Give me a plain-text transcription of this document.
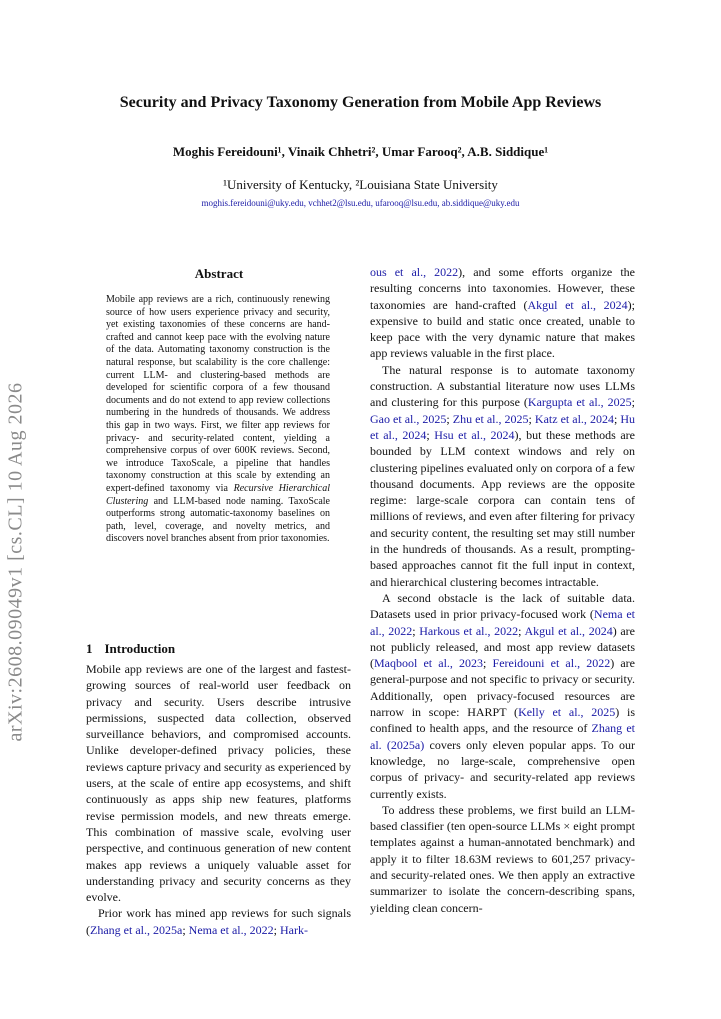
Security and Privacy Taxonomy Generation from Mobile App Reviews
Moghis Fereidouni¹, Vinaik Chhetri², Umar Farooq², A.B. Siddique¹
¹University of Kentucky, ²Louisiana State University
moghis.fereidouni@uky.edu, vchhet2@lsu.edu, ufarooq@lsu.edu, ab.siddique@uky.edu
arXiv:2608.09049v1 [cs.CL] 10 Aug 2026
Abstract
Mobile app reviews are a rich, continuously renewing source of how users experience privacy and security, yet existing taxonomies of these concerns are hand-crafted and cannot keep pace with the evolving nature of the data. Automating taxonomy construction is the natural response, but scalability is the core challenge: current LLM- and clustering-based methods are developed for scientific corpora of a few thousand documents and do not extend to app review collections numbering in the hundreds of thousands. We address this gap in two ways. First, we filter app reviews for privacy- and security-related content, yielding a comprehensive corpus of over 600K reviews. Second, we introduce TaxoScale, a pipeline that handles taxonomy construction at this scale by extending an expert-defined taxonomy via Recursive Hierarchical Clustering and LLM-based node naming. TaxoScale outperforms strong automatic-taxonomy baselines on path, level, coverage, and novelty metrics, and discovers novel branches absent from prior taxonomies.
1 Introduction

Mobile app reviews are one of the largest and fastest-growing sources of real-world user feedback on privacy and security. Users describe intrusive permissions, suspected data collection, observed surveillance behaviors, and compromised accounts. Unlike developer-defined privacy policies, these reviews capture privacy and security as experienced by users, at the scale of entire app ecosystems, and shift continuously as apps ship new features, platforms revise permission models, and new threats emerge. This combination of massive scale, evolving user perspective, and continuous generation of new content makes app reviews a uniquely valuable asset for understanding privacy and security concerns as they evolve.

Prior work has mined app reviews for such signals (Zhang et al., 2025a; Nema et al., 2022; Hark-

ous et al., 2022), and some efforts organize the resulting concerns into taxonomies. However, these taxonomies are hand-crafted (Akgul et al., 2024); expensive to build and static once created, unable to keep pace with the very dynamic nature that makes app reviews valuable in the first place.

The natural response is to automate taxonomy construction. A substantial literature now uses LLMs and clustering for this purpose (Kargupta et al., 2025; Gao et al., 2025; Zhu et al., 2025; Katz et al., 2024; Hu et al., 2024; Hsu et al., 2024), but these methods are bounded by LLM context windows and rely on clustering pipelines evaluated only on corpora of a few thousand documents. App reviews are the opposite regime: large-scale corpora can contain tens of millions of reviews, and even after filtering for privacy and security content, the resulting set may still number in the hundreds of thousands. As a result, prompting-based approaches cannot fit the full input in context, and hierarchical clustering becomes intractable.

A second obstacle is the lack of suitable data. Datasets used in prior privacy-focused work (Nema et al., 2022; Harkous et al., 2022; Akgul et al., 2024) are not publicly released, and most app review datasets (Maqbool et al., 2023; Fereidouni et al., 2022) are general-purpose and not specific to privacy or security. Additionally, open privacy-focused resources are narrow in scope: HARPT (Kelly et al., 2025) is confined to health apps, and the resource of Zhang et al. (2025a) covers only eleven popular apps. To our knowledge, no large-scale, comprehensive open corpus of privacy- and security-related app reviews currently exists.

To address these problems, we first build an LLM-based classifier (ten open-source LLMs × eight prompt templates against a human-annotated benchmark) and apply it to filter 18.63M reviews to 601,257 privacy- and security-related ones. We then apply an extractive summarizer to isolate the concern-describing spans, yielding clean concern-
